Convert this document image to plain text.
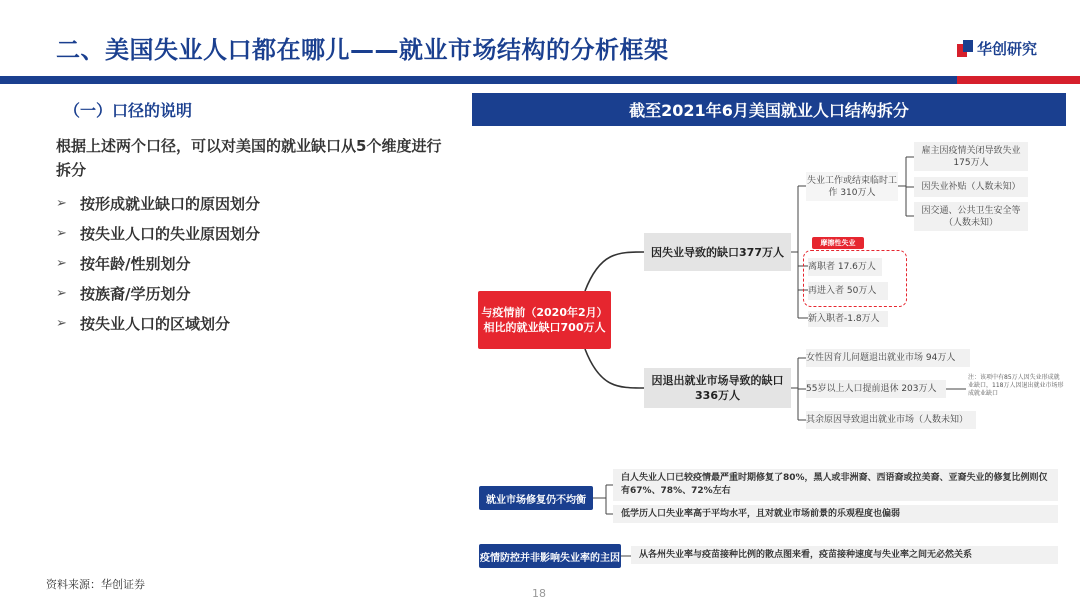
二、美国失业人口都在哪儿——就业市场结构的分析框架	华创研究
（一）口径的说明
根据上述两个口径，可以对美国的就业缺口从5个维度进行拆分
➢ 按形成就业缺口的原因划分
➢ 按失业人口的失业原因划分
➢ 按年龄/性别划分
➢ 按族裔/学历划分
➢ 按失业人口的区域划分
截至2021年6月美国就业人口结构拆分
与疫情前（2020年2月）相比的就业缺口700万人
因失业导致的缺口377万人
因退出就业市场导致的缺口336万人
失业工作或结束临时工作 310万人
雇主因疫情关闭导致失业175万人
因失业补贴（人数未知）
因交通、公共卫生安全等（人数未知）
摩擦性失业
离职者 17.6万人
再进入者 50万人
新入职者-1.8万人
女性因育儿问题退出就业市场 94万人
55岁以上人口提前退休 203万人
注：该项中有85万人因失业形成就业缺口，118万人因退出就业市场形成就业缺口
其余原因导致退出就业市场（人数未知）
就业市场修复仍不均衡
白人失业人口已较疫情最严重时期修复了80%，黑人或非洲裔、西语裔或拉美裔、亚裔失业的修复比例则仅有67%、78%、72%左右
低学历人口失业率高于平均水平，且对就业市场前景的乐观程度也偏弱
疫情防控并非影响失业率的主因	从各州失业率与疫苗接种比例的散点图来看，疫苗接种速度与失业率之间无必然关系
资料来源：华创证券
18
